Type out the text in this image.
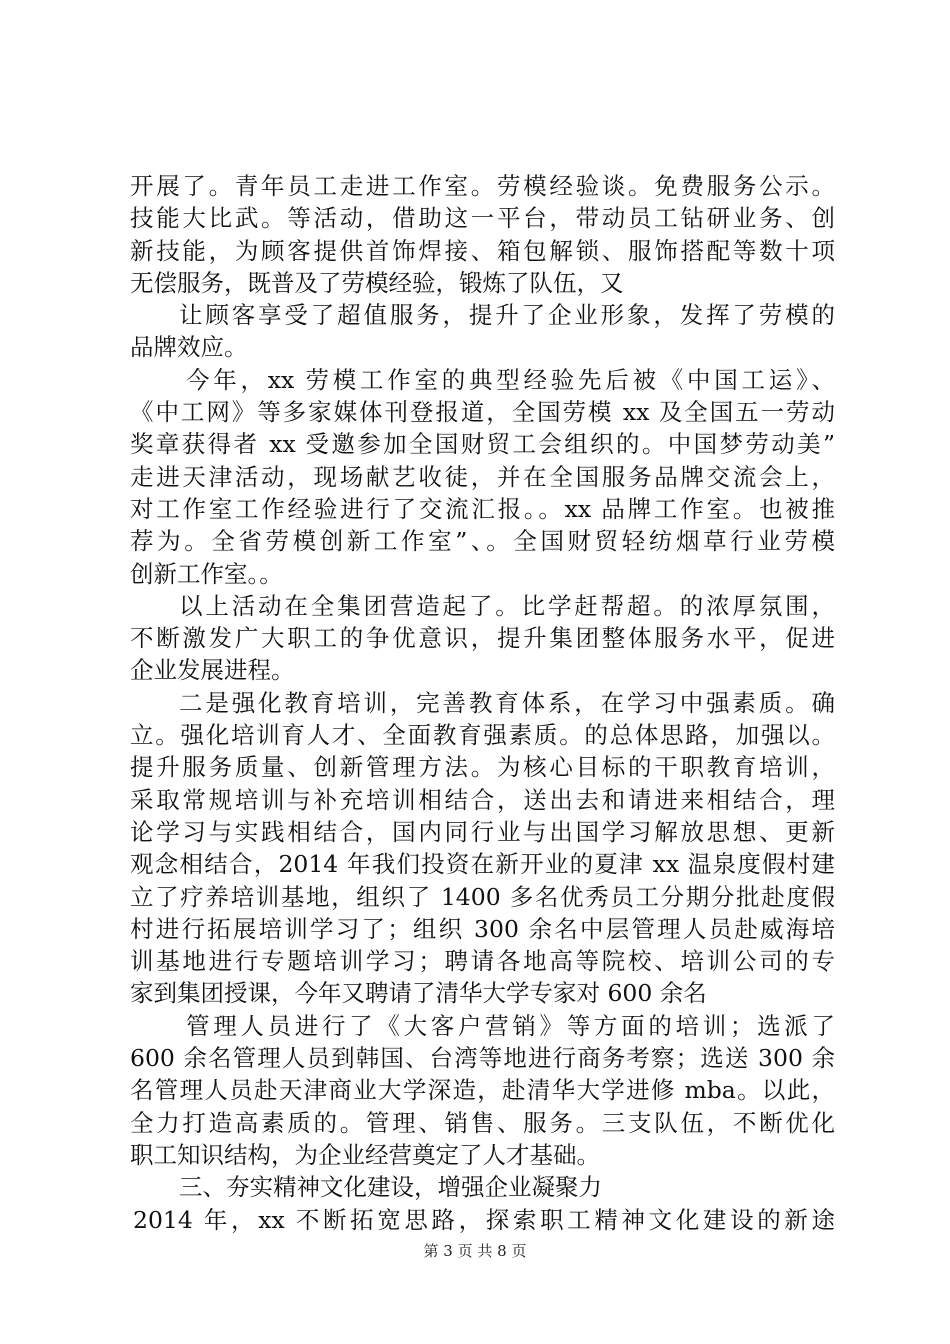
开展了。青年员工走进工作室。劳模经验谈。免费服务公示。
技能大比武。等活动，借助这一平台，带动员工钻研业务、创
新技能，为顾客提供首饰焊接、箱包解锁、服饰搭配等数十项
无偿服务，既普及了劳模经验，锻炼了队伍，又
让顾客享受了超值服务，提升了企业形象，发挥了劳模的
品牌效应。
今年，xx 劳模工作室的典型经验先后被《中国工运》、
《中工网》等多家媒体刊登报道，全国劳模 xx 及全国五一劳动
奖章获得者 xx 受邀参加全国财贸工会组织的。中国梦劳动美”
走进天津活动，现场献艺收徒，并在全国服务品牌交流会上，
对工作室工作经验进行了交流汇报。。xx 品牌工作室。也被推
荐为。全省劳模创新工作室”、。全国财贸轻纺烟草行业劳模
创新工作室。。
以上活动在全集团营造起了。比学赶帮超。的浓厚氛围，
不断激发广大职工的争优意识，提升集团整体服务水平，促进
企业发展进程。
二是强化教育培训，完善教育体系，在学习中强素质。确
立。强化培训育人才、全面教育强素质。的总体思路，加强以。
提升服务质量、创新管理方法。为核心目标的干职教育培训，
采取常规培训与补充培训相结合，送出去和请进来相结合，理
论学习与实践相结合，国内同行业与出国学习解放思想、更新
观念相结合，2014 年我们投资在新开业的夏津 xx 温泉度假村建
立了疗养培训基地，组织了 1400 多名优秀员工分期分批赴度假
村进行拓展培训学习了；组织 300 余名中层管理人员赴威海培
训基地进行专题培训学习；聘请各地高等院校、培训公司的专
家到集团授课，今年又聘请了清华大学专家对 600 余名
管理人员进行了《大客户营销》等方面的培训；选派了
600 余名管理人员到韩国、台湾等地进行商务考察；选送 300 余
名管理人员赴天津商业大学深造，赴清华大学进修 mba。以此，
全力打造高素质的。管理、销售、服务。三支队伍，不断优化
职工知识结构，为企业经营奠定了人才基础。
三、夯实精神文化建设，增强企业凝聚力
2014 年，xx 不断拓宽思路，探索职工精神文化建设的新途
第 3 页 共 8 页
